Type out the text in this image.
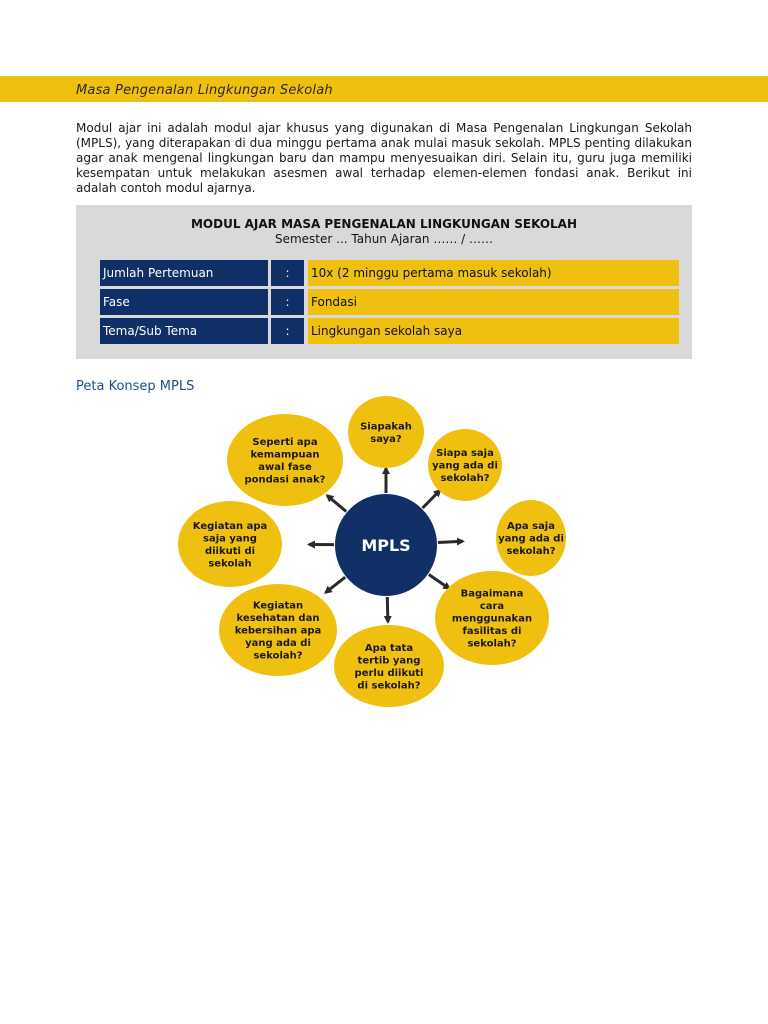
Masa Pengenalan Lingkungan Sekolah
Modul ajar ini adalah modul ajar khusus yang digunakan di Masa Pengenalan Lingkungan Sekolah (MPLS), yang diterapakan di dua minggu pertama anak mulai masuk sekolah. MPLS penting dilakukan agar anak mengenal lingkungan baru dan mampu menyesuaikan diri. Selain itu, guru juga memiliki kesempatan untuk melakukan asesmen awal terhadap elemen-elemen fondasi anak. Berikut ini adalah contoh modul ajarnya.
MODUL AJAR MASA PENGENALAN LINGKUNGAN SEKOLAH
Semester ... Tahun Ajaran …… / ……
Jumlah Pertemuan	:	10x (2 minggu pertama masuk sekolah)
Fase	:	Fondasi
Tema/Sub Tema	:	Lingkungan sekolah saya
Peta Konsep MPLS
Siapakah
saya?
Siapa saja
yang ada di
sekolah?
Apa saja
yang ada di
sekolah?
Bagaimana
cara
menggunakan
fasilitas di
sekolah?
Apa tata
tertib yang
perlu diikuti
di sekolah?
Kegiatan
kesehatan dan
kebersihan apa
yang ada di
sekolah?
Kegiatan apa
saja yang
diikuti di
sekolah
Seperti apa
kemampuan
awal fase
pondasi anak?
MPLS
